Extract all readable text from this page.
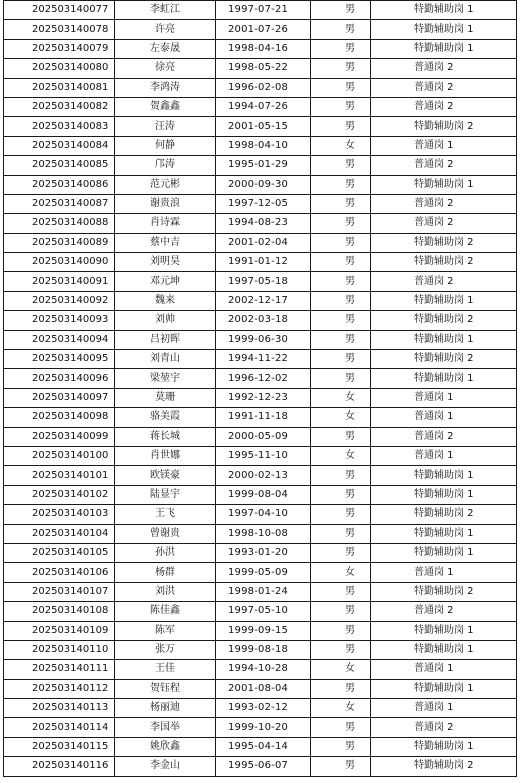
202503140077	李虹江	1997-07-21	男	特勤辅助岗 1
202503140078	许亮	2001-07-26	男	特勤辅助岗 1
202503140079	左泰晟	1998-04-16	男	特勤辅助岗 1
202503140080	徐亮	1998-05-22	男	普通岗 2
202503140081	李鸿涛	1996-02-08	男	普通岗 2
202503140082	贺鑫鑫	1994-07-26	男	普通岗 2
202503140083	汪涛	2001-05-15	男	特勤辅助岗 2
202503140084	何静	1998-04-10	女	普通岗 1
202503140085	邝涛	1995-01-29	男	普通岗 2
202503140086	范元彬	2000-09-30	男	特勤辅助岗 1
202503140087	谢贵浪	1997-12-05	男	普通岗 2
202503140088	肖诗霖	1994-08-23	男	普通岗 2
202503140089	蔡中吉	2001-02-04	男	特勤辅助岗 2
202503140090	刘明昊	1991-01-12	男	特勤辅助岗 2
202503140091	邓元坤	1997-05-18	男	普通岗 2
202503140092	魏来	2002-12-17	男	特勤辅助岗 1
202503140093	刘帅	2002-03-18	男	特勤辅助岗 2
202503140094	吕初晖	1999-06-30	男	特勤辅助岗 1
202503140095	刘青山	1994-11-22	男	特勤辅助岗 2
202503140096	梁堃宇	1996-12-02	男	特勤辅助岗 1
202503140097	莫珊	1992-12-23	女	普通岗 1
202503140098	骆美霞	1991-11-18	女	普通岗 1
202503140099	蒋长城	2000-05-09	男	普通岗 2
202503140100	肖世娜	1995-11-10	女	普通岗 1
202503140101	欧镁豪	2000-02-13	男	特勤辅助岗 1
202503140102	陆显宇	1999-08-04	男	特勤辅助岗 1
202503140103	王飞	1997-04-10	男	特勤辅助岗 2
202503140104	曾谢贵	1998-10-08	男	特勤辅助岗 1
202503140105	孙洪	1993-01-20	男	特勤辅助岗 1
202503140106	杨群	1999-05-09	女	普通岗 1
202503140107	刘洪	1998-01-24	男	特勤辅助岗 2
202503140108	陈佳鑫	1997-05-10	男	普通岗 2
202503140109	陈军	1999-09-15	男	特勤辅助岗 1
202503140110	张万	1999-08-18	男	特勤辅助岗 1
202503140111	王佳	1994-10-28	女	普通岗 1
202503140112	贺钰程	2001-08-04	男	特勤辅助岗 1
202503140113	杨丽迪	1993-02-12	女	普通岗 1
202503140114	李国举	1999-10-20	男	普通岗 2
202503140115	姚欣鑫	1995-04-14	男	特勤辅助岗 1
202503140116	李金山	1995-06-07	男	特勤辅助岗 2
